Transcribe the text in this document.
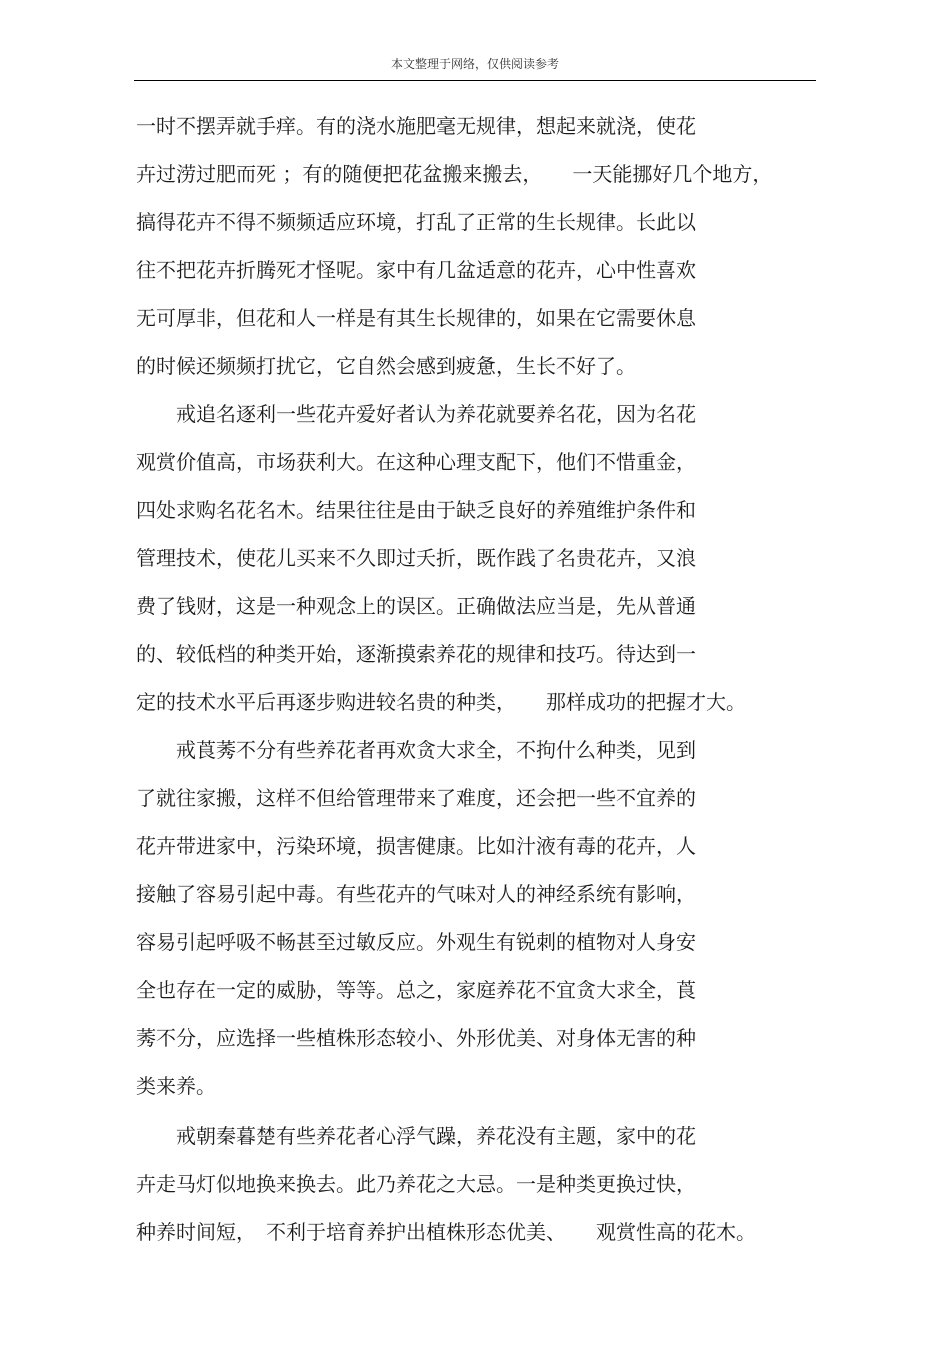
本文整理于网络，仅供阅读参考
一时不摆弄就手痒。有的浇水施肥毫无规律，想起来就浇，使花
卉过涝过肥而死 ；有的随便把花盆搬来搬去，　　一天能挪好几个地方，
搞得花卉不得不频频适应环境，打乱了正常的生长规律。长此以
往不把花卉折腾死才怪呢。家中有几盆适意的花卉，心中性喜欢
无可厚非，但花和人一样是有其生长规律的，如果在它需要休息
的时候还频频打扰它，它自然会感到疲惫，生长不好了。
　　戒追名逐利一些花卉爱好者认为养花就要养名花，因为名花
观赏价值高，市场获利大。在这种心理支配下，他们不惜重金，
四处求购名花名木。结果往往是由于缺乏良好的养殖维护条件和
管理技术，使花儿买来不久即过夭折，既作践了名贵花卉，又浪
费了钱财，这是一种观念上的误区。正确做法应当是，先从普通
的、较低档的种类开始，逐渐摸索养花的规律和技巧。待达到一
定的技术水平后再逐步购进较名贵的种类，　　那样成功的把握才大。
　　戒莨莠不分有些养花者再欢贪大求全，不拘什么种类，见到
了就往家搬，这样不但给管理带来了难度，还会把一些不宜养的
花卉带进家中，污染环境，损害健康。比如汁液有毒的花卉，人
接触了容易引起中毒。有些花卉的气味对人的神经系统有影响，
容易引起呼吸不畅甚至过敏反应。外观生有锐刺的植物对人身安
全也存在一定的威胁，等等。总之，家庭养花不宜贪大求全，莨
莠不分，应选择一些植株形态较小、外形优美、对身体无害的种
类来养。
　　戒朝秦暮楚有些养花者心浮气躁，养花没有主题，家中的花
卉走马灯似地换来换去。此乃养花之大忌。一是种类更换过快，
种养时间短，　不利于培育养护出植株形态优美、　　观赏性高的花木。
